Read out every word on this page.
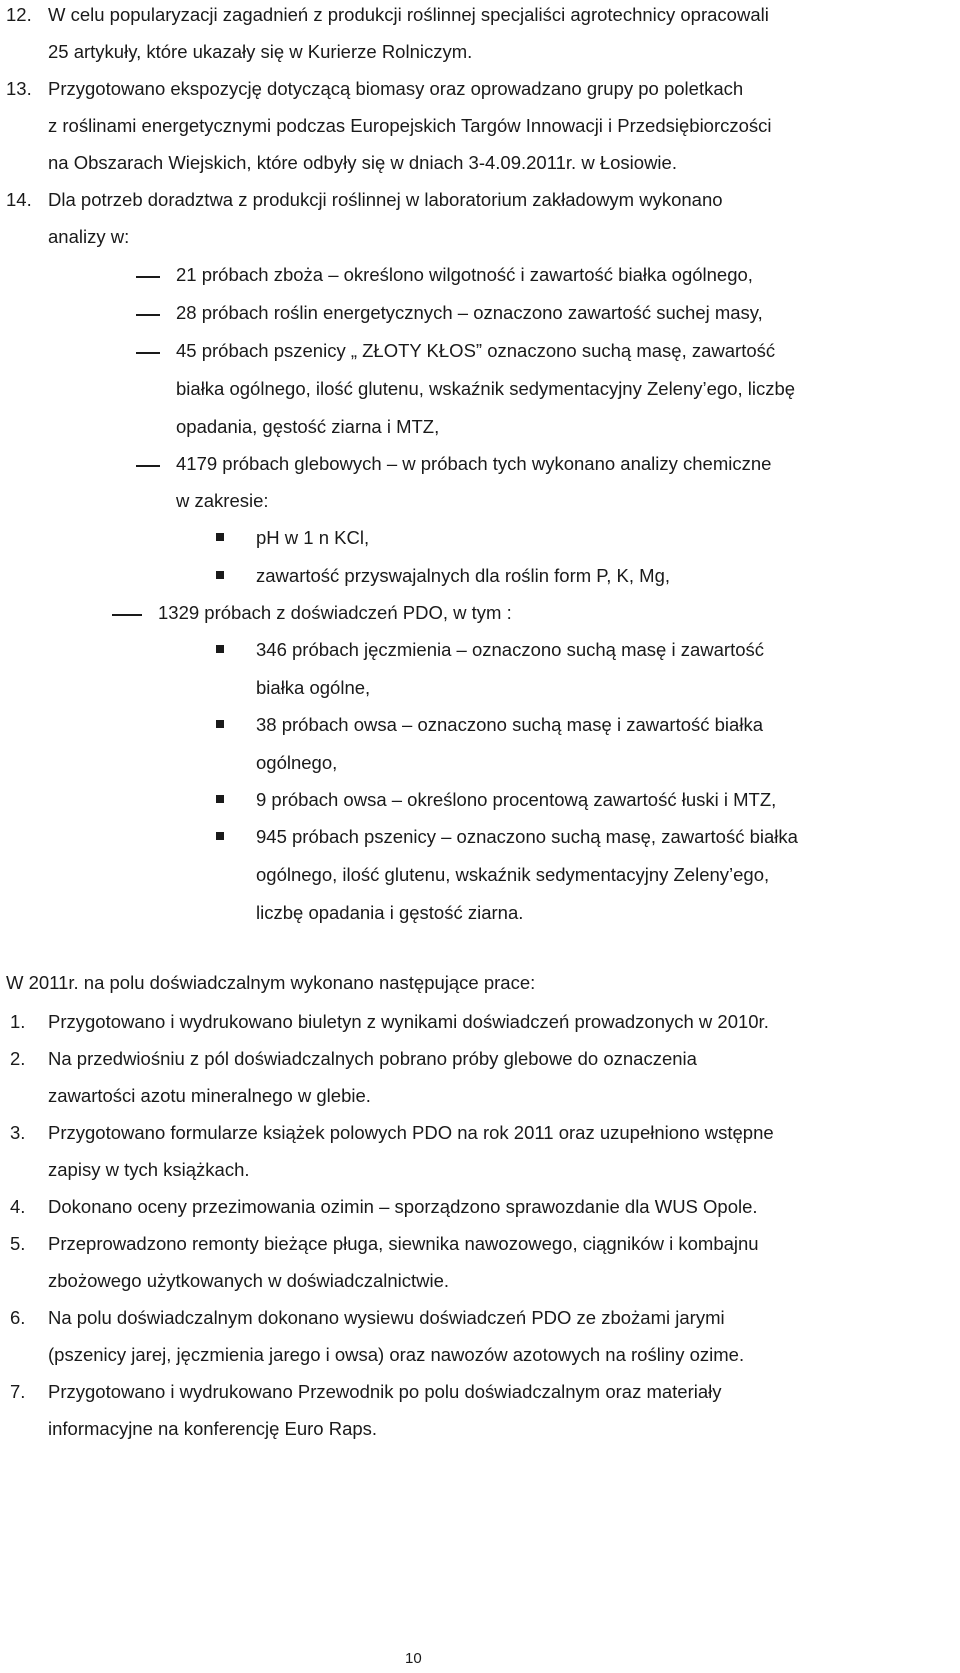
12. W celu popularyzacji zagadnień z produkcji roślinnej specjaliści agrotechnicy opracowali
25 artykuły, które ukazały się w Kurierze Rolniczym.
13. Przygotowano ekspozycję dotyczącą biomasy oraz oprowadzano grupy po poletkach
z roślinami energetycznymi podczas Europejskich Targów Innowacji i Przedsiębiorczości
na Obszarach Wiejskich, które odbyły się w dniach 3-4.09.2011r. w Łosiowie.
14. Dla potrzeb doradztwa z produkcji roślinnej w laboratorium zakładowym wykonano
analizy w:
21 próbach zboża – określono wilgotność i zawartość białka ogólnego,
28 próbach roślin energetycznych – oznaczono zawartość suchej masy,
45 próbach pszenicy „ ZŁOTY KŁOS” oznaczono suchą masę, zawartość
białka ogólnego, ilość glutenu, wskaźnik sedymentacyjny Zeleny’ego, liczbę
opadania, gęstość ziarna i MTZ,
4179 próbach glebowych – w próbach tych wykonano analizy chemiczne
w zakresie:
pH w 1 n KCl,
zawartość przyswajalnych dla roślin form P, K, Mg,
1329 próbach z doświadczeń PDO, w tym :
346 próbach jęczmienia – oznaczono suchą masę i zawartość
białka ogólne,
38 próbach owsa – oznaczono suchą masę i zawartość białka
ogólnego,
9 próbach owsa – określono procentową zawartość łuski i MTZ,
945 próbach pszenicy – oznaczono suchą masę, zawartość białka
ogólnego, ilość glutenu, wskaźnik sedymentacyjny Zeleny’ego,
liczbę opadania i gęstość ziarna.
W 2011r. na polu doświadczalnym wykonano następujące prace:
1. Przygotowano i wydrukowano biuletyn z wynikami doświadczeń prowadzonych w 2010r.
2. Na przedwiośniu z pól doświadczalnych pobrano próby glebowe do oznaczenia
zawartości azotu mineralnego w glebie.
3. Przygotowano formularze książek polowych PDO na rok 2011 oraz uzupełniono wstępne
zapisy w tych książkach.
4. Dokonano oceny przezimowania ozimin – sporządzono sprawozdanie dla WUS Opole.
5. Przeprowadzono remonty bieżące pługa, siewnika nawozowego, ciągników i kombajnu
zbożowego użytkowanych w doświadczalnictwie.
6. Na polu doświadczalnym dokonano wysiewu doświadczeń PDO ze zbożami jarymi
(pszenicy jarej, jęczmienia jarego i owsa) oraz nawozów azotowych na rośliny ozime.
7. Przygotowano i wydrukowano Przewodnik po polu doświadczalnym oraz materiały
informacyjne na konferencję Euro Raps.
10
